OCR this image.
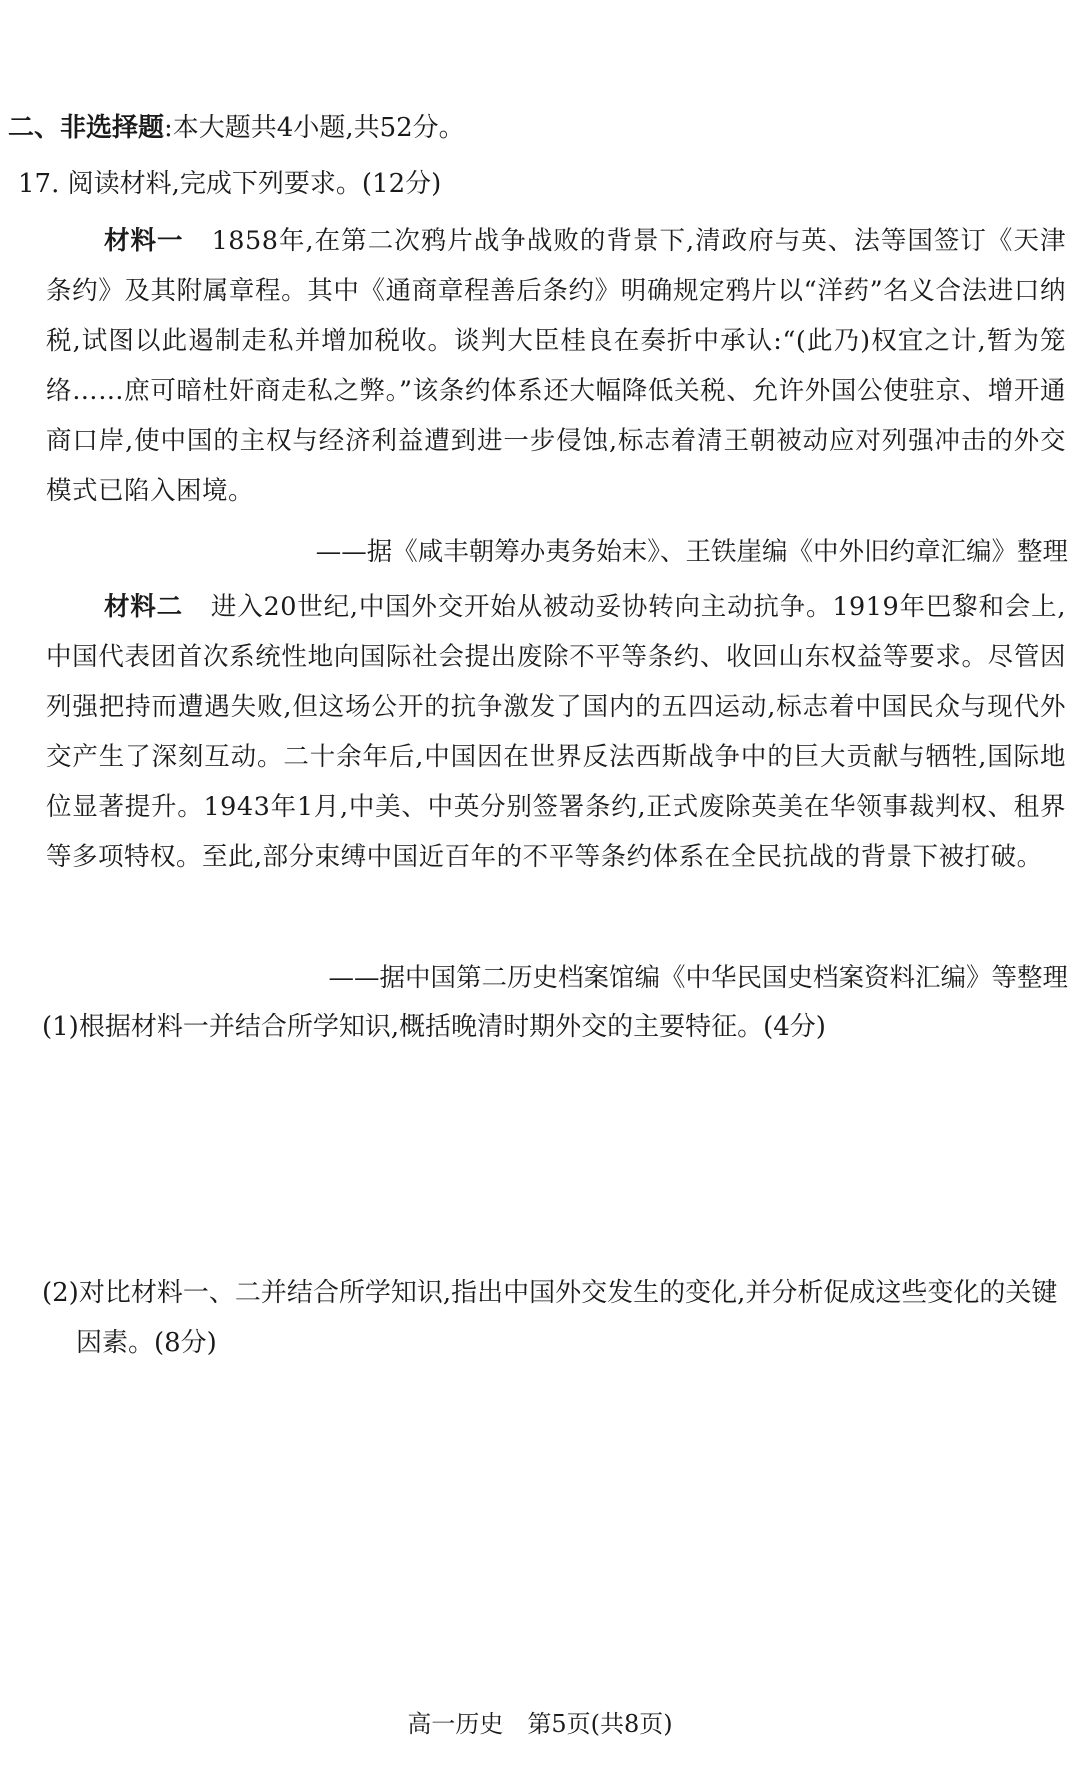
二、非选择题:本大题共4小题,共52分。
17. 阅读材料,完成下列要求。(12分)
材料一 1858年,在第二次鸦片战争战败的背景下,清政府与英、法等国签订《天津条约》及其附属章程。其中《通商章程善后条约》明确规定鸦片以“洋药”名义合法进口纳税,试图以此遏制走私并增加税收。谈判大臣桂良在奏折中承认:“(此乃)权宜之计,暂为笼络……庶可暗杜奸商走私之弊。”该条约体系还大幅降低关税、允许外国公使驻京、增开通商口岸,使中国的主权与经济利益遭到进一步侵蚀,标志着清王朝被动应对列强冲击的外交模式已陷入困境。
——据《咸丰朝筹办夷务始末》、王铁崖编《中外旧约章汇编》整理
材料二 进入20世纪,中国外交开始从被动妥协转向主动抗争。1919年巴黎和会上,中国代表团首次系统性地向国际社会提出废除不平等条约、收回山东权益等要求。尽管因列强把持而遭遇失败,但这场公开的抗争激发了国内的五四运动,标志着中国民众与现代外交产生了深刻互动。二十余年后,中国因在世界反法西斯战争中的巨大贡献与牺牲,国际地位显著提升。1943年1月,中美、中英分别签署条约,正式废除英美在华领事裁判权、租界等多项特权。至此,部分束缚中国近百年的不平等条约体系在全民抗战的背景下被打破。
——据中国第二历史档案馆编《中华民国史档案资料汇编》等整理
(1)根据材料一并结合所学知识,概括晚清时期外交的主要特征。(4分)
(2)对比材料一、二并结合所学知识,指出中国外交发生的变化,并分析促成这些变化的关键因素。(8分)
高一历史　第5页(共8页)
